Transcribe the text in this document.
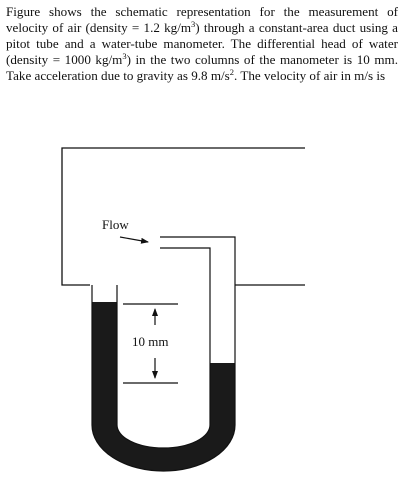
Figure shows the schematic representation for the measurement of velocity of air (density = 1.2 $kg/m^3$) through a constant-area duct using a pitot tube and a water-tube manometer. The differential head of water (density = 1000 $kg/m^3$) in the two columns of the manometer is 10 mm. Take acceleration due to gravity as 9.8 $m/s^2$. The velocity of air in m/s is

Flow
10 mm
